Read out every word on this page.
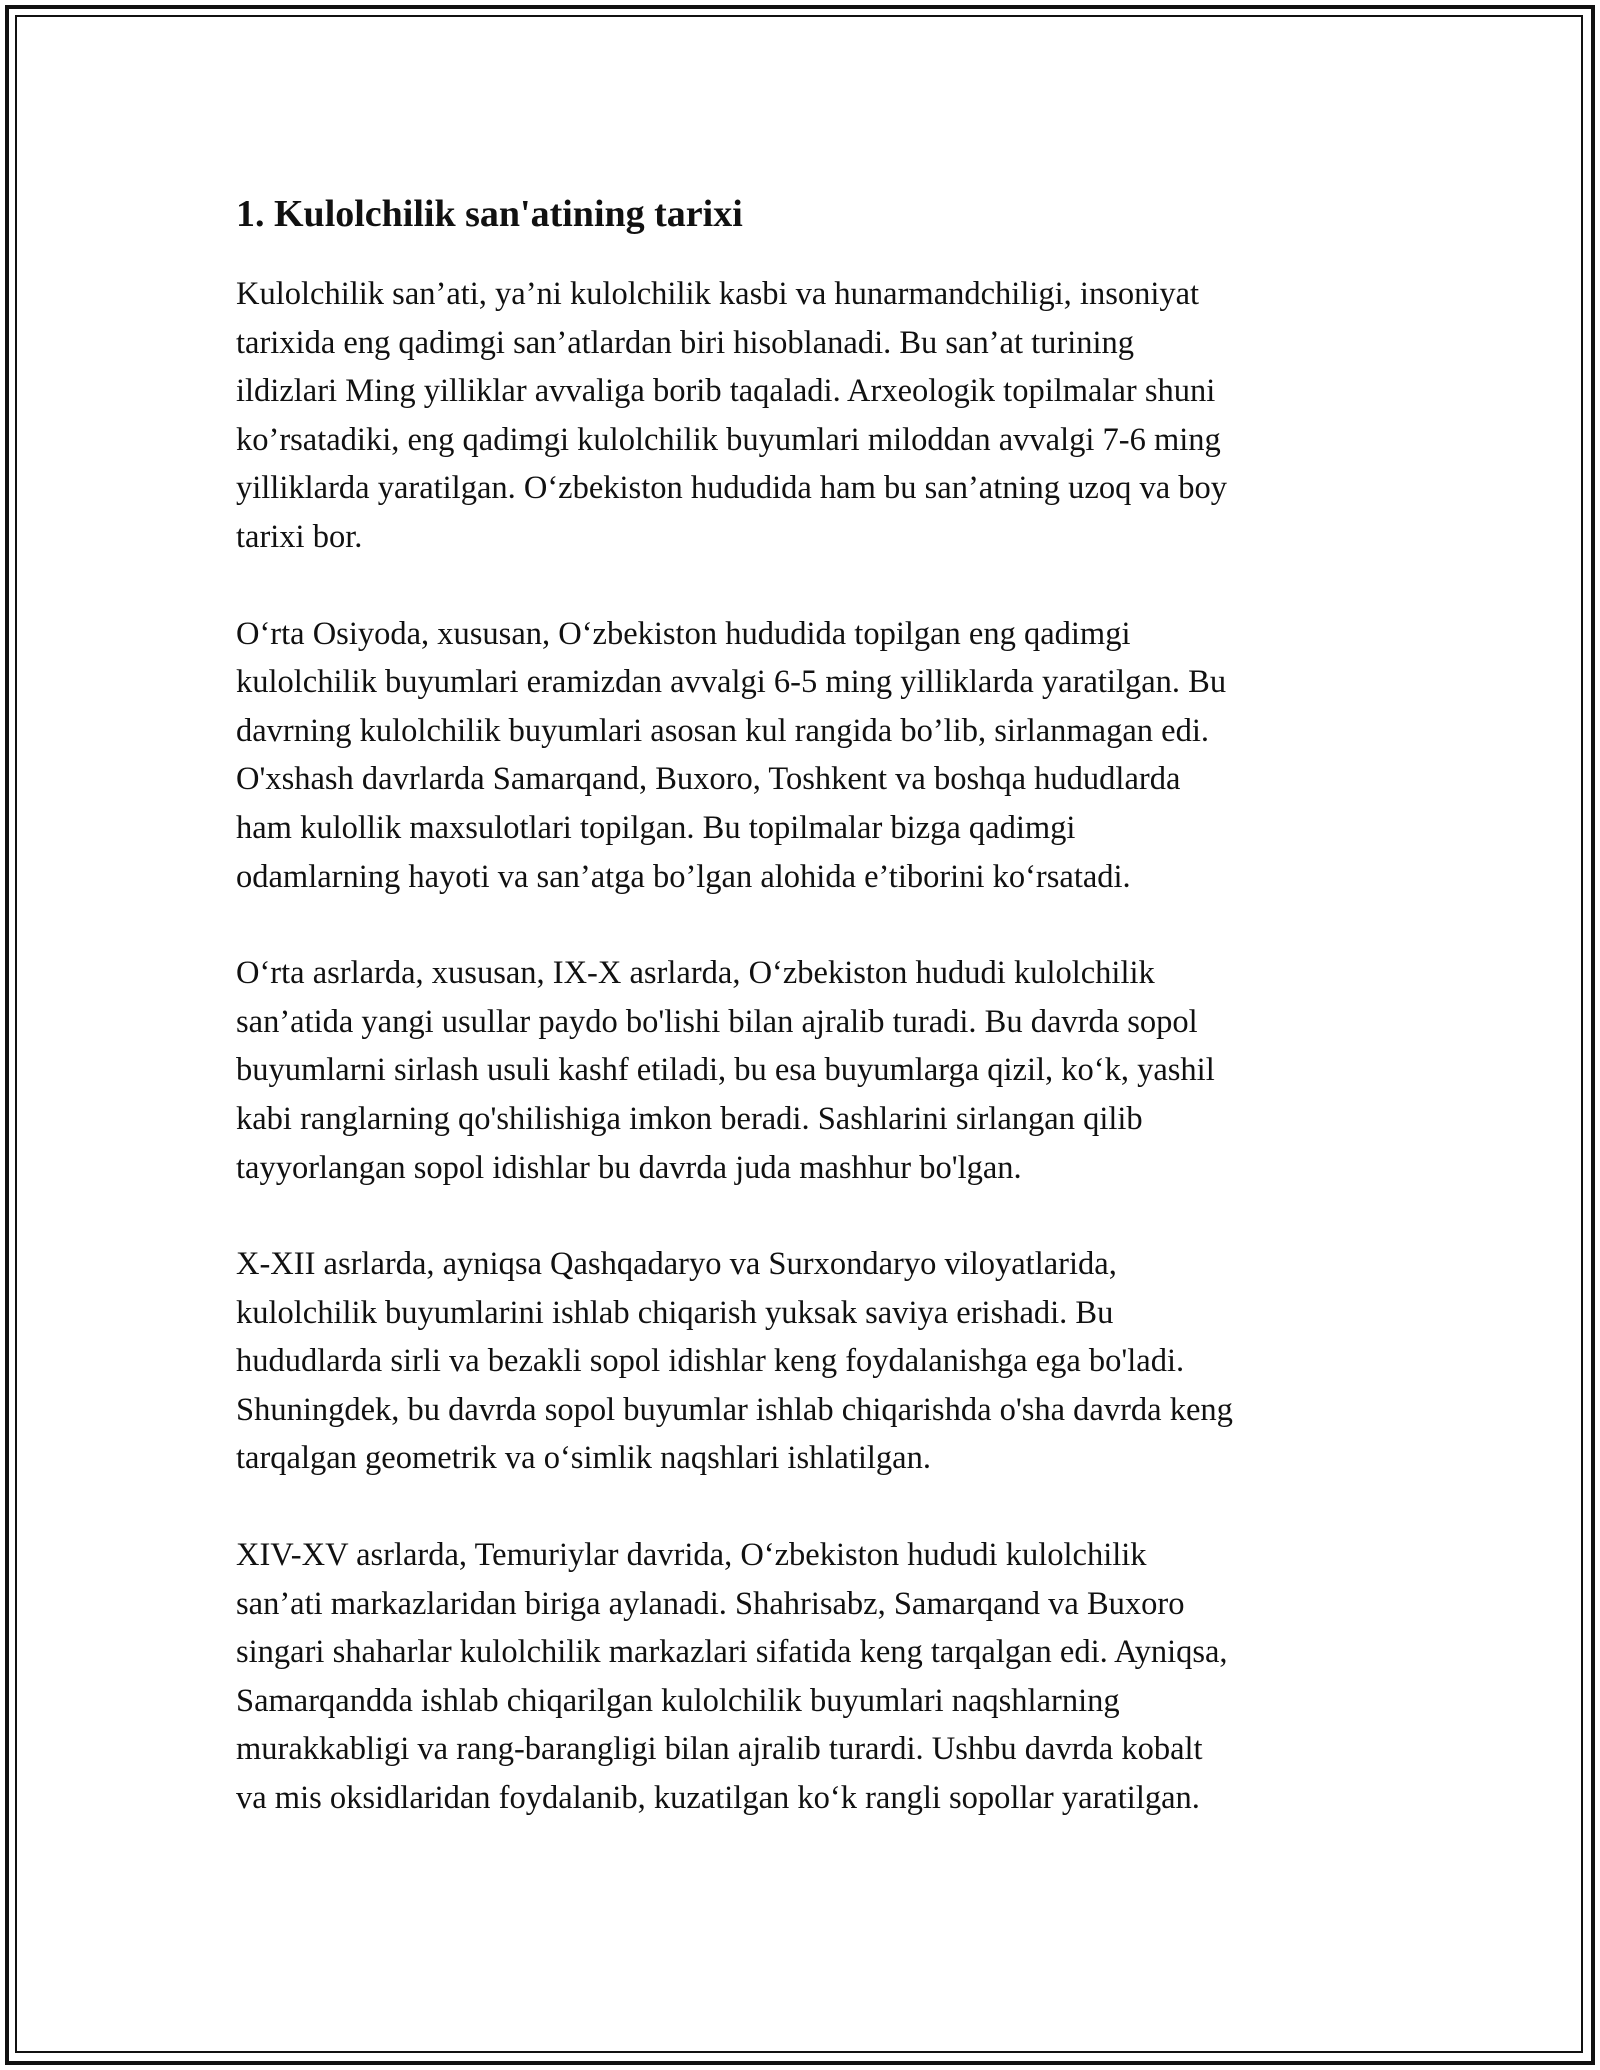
1. Kulolchilik san'atining tarixi

Kulolchilik san’ati, ya’ni kulolchilik kasbi va hunarmandchiligi, insoniyat
tarixida eng qadimgi san’atlardan biri hisoblanadi. Bu san’at turining
ildizlari Ming yilliklar avvaliga borib taqaladi. Arxeologik topilmalar shuni
ko’rsatadiki, eng qadimgi kulolchilik buyumlari miloddan avvalgi 7-6 ming
yilliklarda yaratilgan. O‘zbekiston hududida ham bu san’atning uzoq va boy
tarixi bor.

O‘rta Osiyoda, xususan, O‘zbekiston hududida topilgan eng qadimgi
kulolchilik buyumlari eramizdan avvalgi 6-5 ming yilliklarda yaratilgan. Bu
davrning kulolchilik buyumlari asosan kul rangida bo’lib, sirlanmagan edi.
O'xshash davrlarda Samarqand, Buxoro, Toshkent va boshqa hududlarda
ham kulollik maxsulotlari topilgan. Bu topilmalar bizga qadimgi
odamlarning hayoti va san’atga bo’lgan alohida e’tiborini ko‘rsatadi.

O‘rta asrlarda, xususan, IX-X asrlarda, O‘zbekiston hududi kulolchilik
san’atida yangi usullar paydo bo'lishi bilan ajralib turadi. Bu davrda sopol
buyumlarni sirlash usuli kashf etiladi, bu esa buyumlarga qizil, ko‘k, yashil
kabi ranglarning qo'shilishiga imkon beradi. Sashlarini sirlangan qilib
tayyorlangan sopol idishlar bu davrda juda mashhur bo'lgan.

X-XII asrlarda, ayniqsa Qashqadaryo va Surxondaryo viloyatlarida,
kulolchilik buyumlarini ishlab chiqarish yuksak saviya erishadi. Bu
hududlarda sirli va bezakli sopol idishlar keng foydalanishga ega bo'ladi.
Shuningdek, bu davrda sopol buyumlar ishlab chiqarishda o'sha davrda keng
tarqalgan geometrik va o‘simlik naqshlari ishlatilgan.

XIV-XV asrlarda, Temuriylar davrida, O‘zbekiston hududi kulolchilik
san’ati markazlaridan biriga aylanadi. Shahrisabz, Samarqand va Buxoro
singari shaharlar kulolchilik markazlari sifatida keng tarqalgan edi. Ayniqsa,
Samarqandda ishlab chiqarilgan kulolchilik buyumlari naqshlarning
murakkabligi va rang-barangligi bilan ajralib turardi. Ushbu davrda kobalt
va mis oksidlaridan foydalanib, kuzatilgan ko‘k rangli sopollar yaratilgan.
